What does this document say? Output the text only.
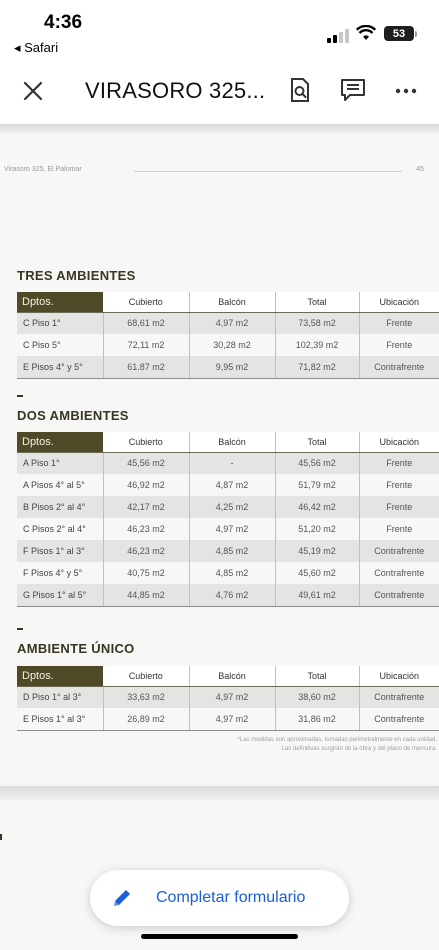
4:36
◂ Safari
53
VIRASORO 325...
Virasoro 325, El Palomar	45
TRES AMBIENTES
Dptos.	Cubierto	Balcón	Total	Ubicación
C Piso 1°	68,61 m2	4,97 m2	73,58 m2	Frente
C Piso 5°	72,11 m2	30,28 m2	102,39 m2	Frente
E Pisos 4° y 5°	61.87 m2	9,95 m2	71,82 m2	Contrafrente
DOS AMBIENTES
Dptos.	Cubierto	Balcón	Total	Ubicación
A Piso 1°	45,56 m2	-	45,56 m2	Frente
A Pisos 4° al 5°	46,92 m2	4,87 m2	51,79 m2	Frente
B Pisos 2° al 4°	42,17 m2	4,25 m2	46,42 m2	Frente
C Pisos 2° al 4°	46,23 m2	4,97 m2	51,20 m2	Frente
F Pisos 1° al 3°	46,23 m2	4,85 m2	45,19 m2	Contrafrente
F Pisos 4° y 5°	40,75 m2	4,85 m2	45,60 m2	Contrafrente
G Pisos 1° al 5°	44,85 m2	4,76 m2	49,61 m2	Contrafrente
AMBIENTE ÚNICO
Dptos.	Cubierto	Balcón	Total	Ubicación
D Piso 1° al 3°	33,63 m2	4,97 m2	38,60 m2	Contrafrente
E Pisos 1° al 3°	26,89 m2	4,97 m2	31,86 m2	Contrafrente
*Las medidas son aproximadas, tomadas perimetralmente en cada unidad.
Las definitivas surgirán de la obra y del plano de mensura.
Completar formulario
